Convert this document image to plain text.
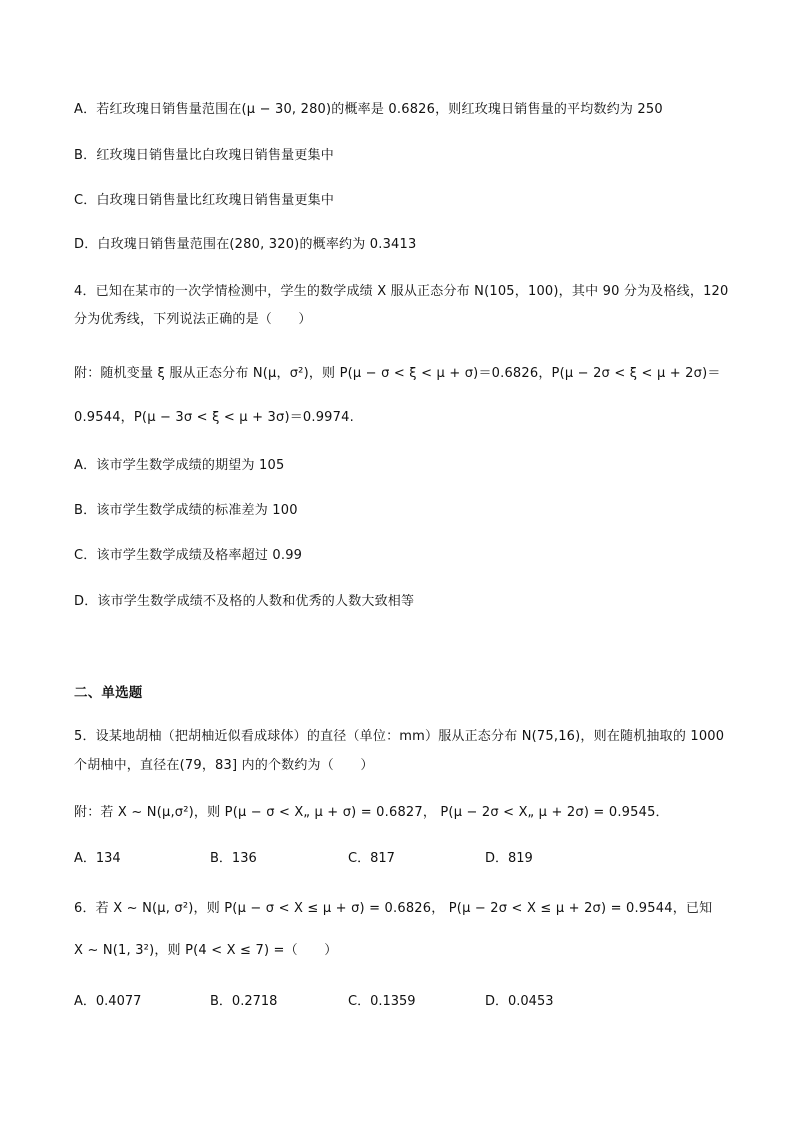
A．若红玫瑰日销售量范围在(μ − 30, 280)的概率是 0.6826，则红玫瑰日销售量的平均数约为 250
B．红玫瑰日销售量比白玫瑰日销售量更集中
C．白玫瑰日销售量比红玫瑰日销售量更集中
D．白玫瑰日销售量范围在(280, 320)的概率约为 0.3413
4．已知在某市的一次学情检测中，学生的数学成绩 X 服从正态分布 N(105，100)，其中 90 分为及格线，120
分为优秀线，下列说法正确的是（　　）
附：随机变量 ξ 服从正态分布 N(μ，σ²)，则 P(μ − σ < ξ < μ + σ)＝0.6826，P(μ − 2σ < ξ < μ + 2σ)＝
0.9544，P(μ − 3σ < ξ < μ + 3σ)＝0.9974.
A．该市学生数学成绩的期望为 105
B．该市学生数学成绩的标准差为 100
C．该市学生数学成绩及格率超过 0.99
D．该市学生数学成绩不及格的人数和优秀的人数大致相等
二、单选题
5．设某地胡柚（把胡柚近似看成球体）的直径（单位：mm）服从正态分布 N(75,16)，则在随机抽取的 1000
个胡柚中，直径在(79，83] 内的个数约为（　　）
附：若 X ~ N(μ,σ²)，则 P(μ − σ < X„ μ + σ) = 0.6827， P(μ − 2σ < X„ μ + 2σ) = 0.9545．
A．134	B．136	C．817	D．819
6．若 X ~ N(μ, σ²)，则 P(μ − σ < X ≤ μ + σ) = 0.6826， P(μ − 2σ < X ≤ μ + 2σ) = 0.9544，已知
X ~ N(1, 3²)，则 P(4 < X ≤ 7) =（　　）
A．0.4077	B．0.2718	C．0.1359	D．0.0453
